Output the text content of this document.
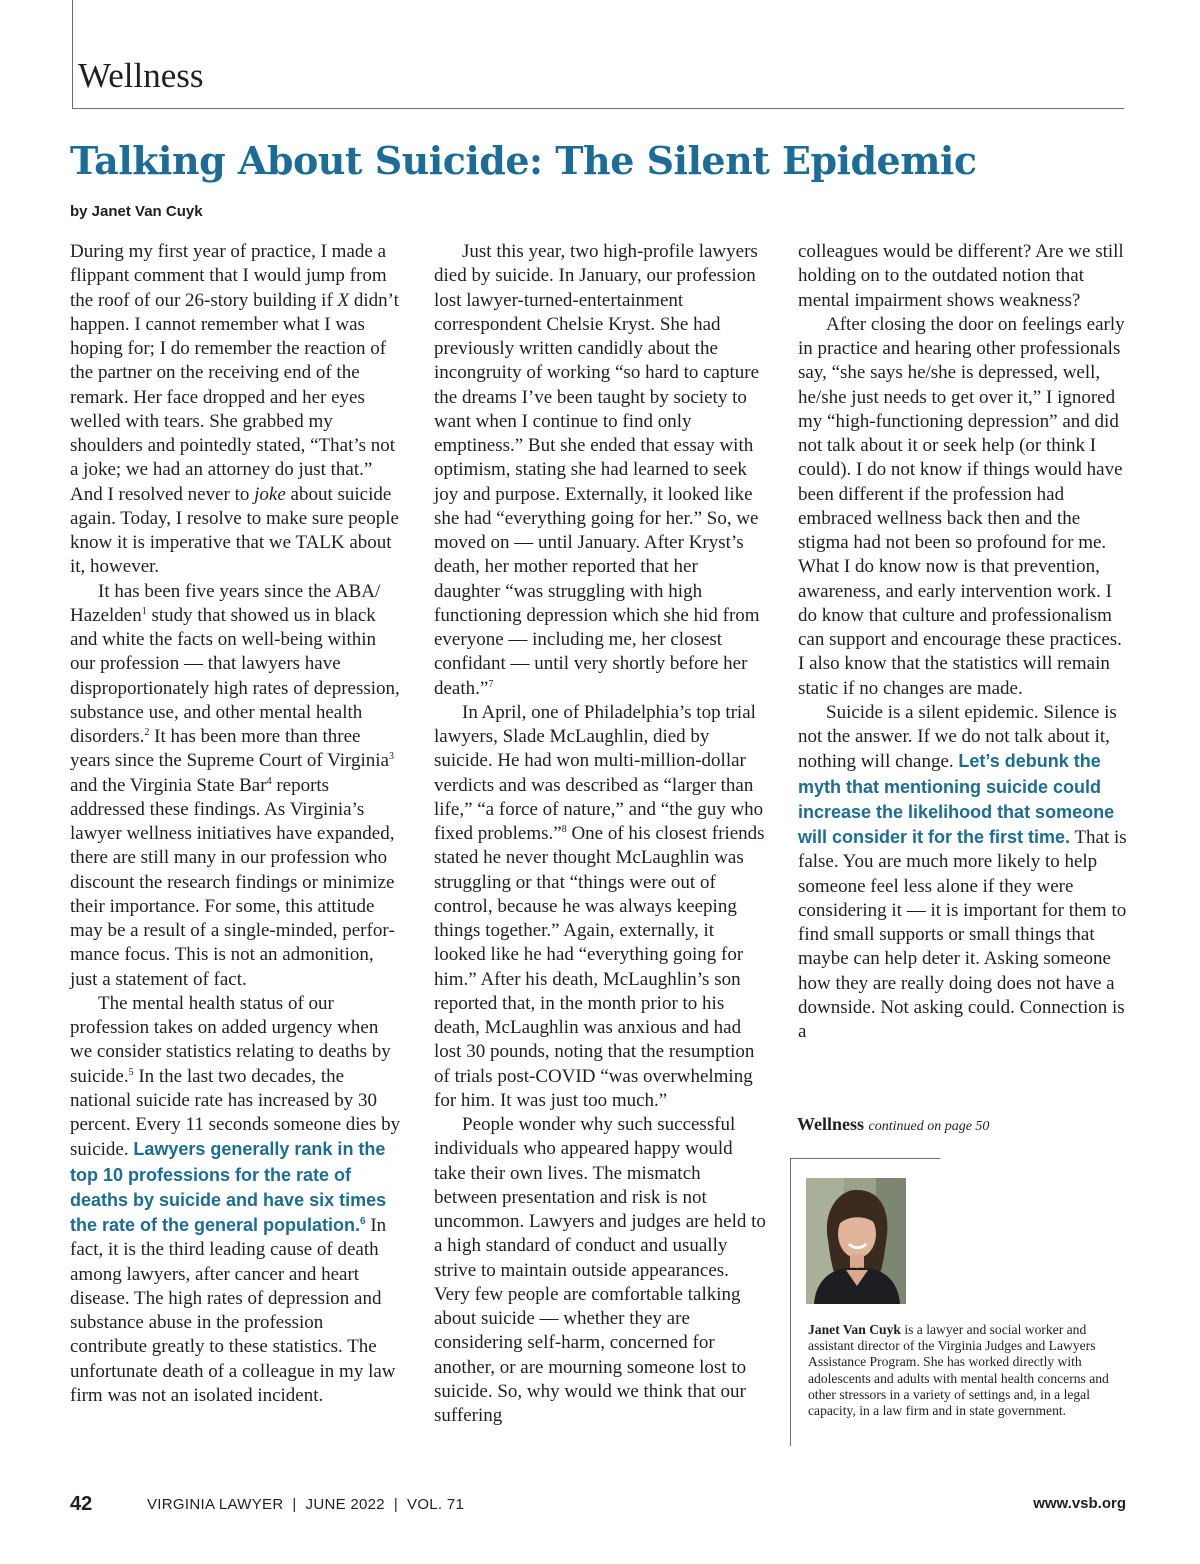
Wellness
Talking About Suicide: The Silent Epidemic
by Janet Van Cuyk

During my first year of practice, I made a flippant comment that I would jump from the roof of our 26-story building if X didn’t happen. I cannot remember what I was hoping for; I do remember the reaction of the partner on the receiving end of the remark. Her face dropped and her eyes welled with tears. She grabbed my shoulders and pointedly stated, “That’s not a joke; we had an attorney do just that.” And I resolved never to joke about suicide again. Today, I resolve to make sure people know it is imperative that we TALK about it, however.

It has been five years since the ABA/ Hazelden$^1$ study that showed us in black and white the facts on well-being within our profession — that lawyers have disproportionately high rates of depression, substance use, and other mental health disorders.$^2$ It has been more than three years since the Supreme Court of Virginia$^3$ and the Virginia State Bar$^4$ reports addressed these findings. As Virginia’s lawyer wellness initiatives have expanded, there are still many in our profession who discount the research findings or minimize their importance. For some, this attitude may be a result of a single-minded, performance focus. This is not an admonition, just a statement of fact.

The mental health status of our profession takes on added urgency when we consider statistics relating to deaths by suicide.$^5$ In the last two decades, the national suicide rate has increased by 30 percent. Every 11 seconds someone dies by suicide. Lawyers generally rank in the top 10 professions for the rate of deaths by suicide and have six times the rate of the general population.$^6$ In fact, it is the third leading cause of death among lawyers, after cancer and heart disease. The high rates of depression and substance abuse in the profession contribute greatly to these statistics. The unfortunate death of a colleague in my law firm was not an isolated incident.

Just this year, two high-profile lawyers died by suicide. In January, our profession lost lawyer-turned-entertainment correspondent Chelsie Kryst. She had previously written candidly about the incongruity of working “so hard to capture the dreams I’ve been taught by society to want when I continue to find only emptiness.” But she ended that essay with optimism, stating she had learned to seek joy and purpose. Externally, it looked like she had “everything going for her.” So, we moved on — until January. After Kryst’s death, her mother reported that her daughter “was struggling with high functioning depression which she hid from everyone — including me, her closest confidant — until very shortly before her death.”$^7$

In April, one of Philadelphia’s top trial lawyers, Slade McLaughlin, died by suicide. He had won multi-million-dollar verdicts and was described as “larger than life,” “a force of nature,” and “the guy who fixed problems.”$^8$ One of his closest friends stated he never thought McLaughlin was struggling or that “things were out of control, because he was always keeping things together.” Again, externally, it looked like he had “everything going for him.” After his death, McLaughlin’s son reported that, in the month prior to his death, McLaughlin was anxious and had lost 30 pounds, noting that the resumption of trials post-COVID “was overwhelming for him. It was just too much.”

People wonder why such successful individuals who appeared happy would take their own lives. The mismatch between presentation and risk is not uncommon. Lawyers and judges are held to a high standard of conduct and usually strive to maintain outside appearances. Very few people are comfortable talking about suicide — whether they are considering self-harm, concerned for another, or are mourning someone lost to suicide. So, why would we think that our suffering

colleagues would be different? Are we still holding on to the outdated notion that mental impairment shows weakness?

After closing the door on feelings early in practice and hearing other professionals say, “she says he/she is depressed, well, he/she just needs to get over it,” I ignored my “high-functioning depression” and did not talk about it or seek help (or think I could). I do not know if things would have been different if the profession had embraced wellness back then and the stigma had not been so profound for me. What I do know now is that prevention, awareness, and early intervention work. I do know that culture and professionalism can support and encourage these practices. I also know that the statistics will remain static if no changes are made.

Suicide is a silent epidemic. Silence is not the answer. If we do not talk about it, nothing will change. Let’s debunk the myth that mentioning suicide could increase the likelihood that someone will consider it for the first time. That is false. You are much more likely to help someone feel less alone if they were considering it — it is important for them to find small supports or small things that maybe can help deter it. Asking someone how they are really doing does not have a downside. Not asking could. Connection is a

Wellness continued on page 50
Janet Van Cuyk is a lawyer and social worker and assistant director of the Virginia Judges and Lawyers Assistance Program. She has worked directly with adolescents and adults with mental health concerns and other stressors in a variety of settings and, in a legal capacity, in a law firm and in state government.
42	VIRGINIA LAWYER  |  JUNE 2022  |  VOL. 71	www.vsb.org
